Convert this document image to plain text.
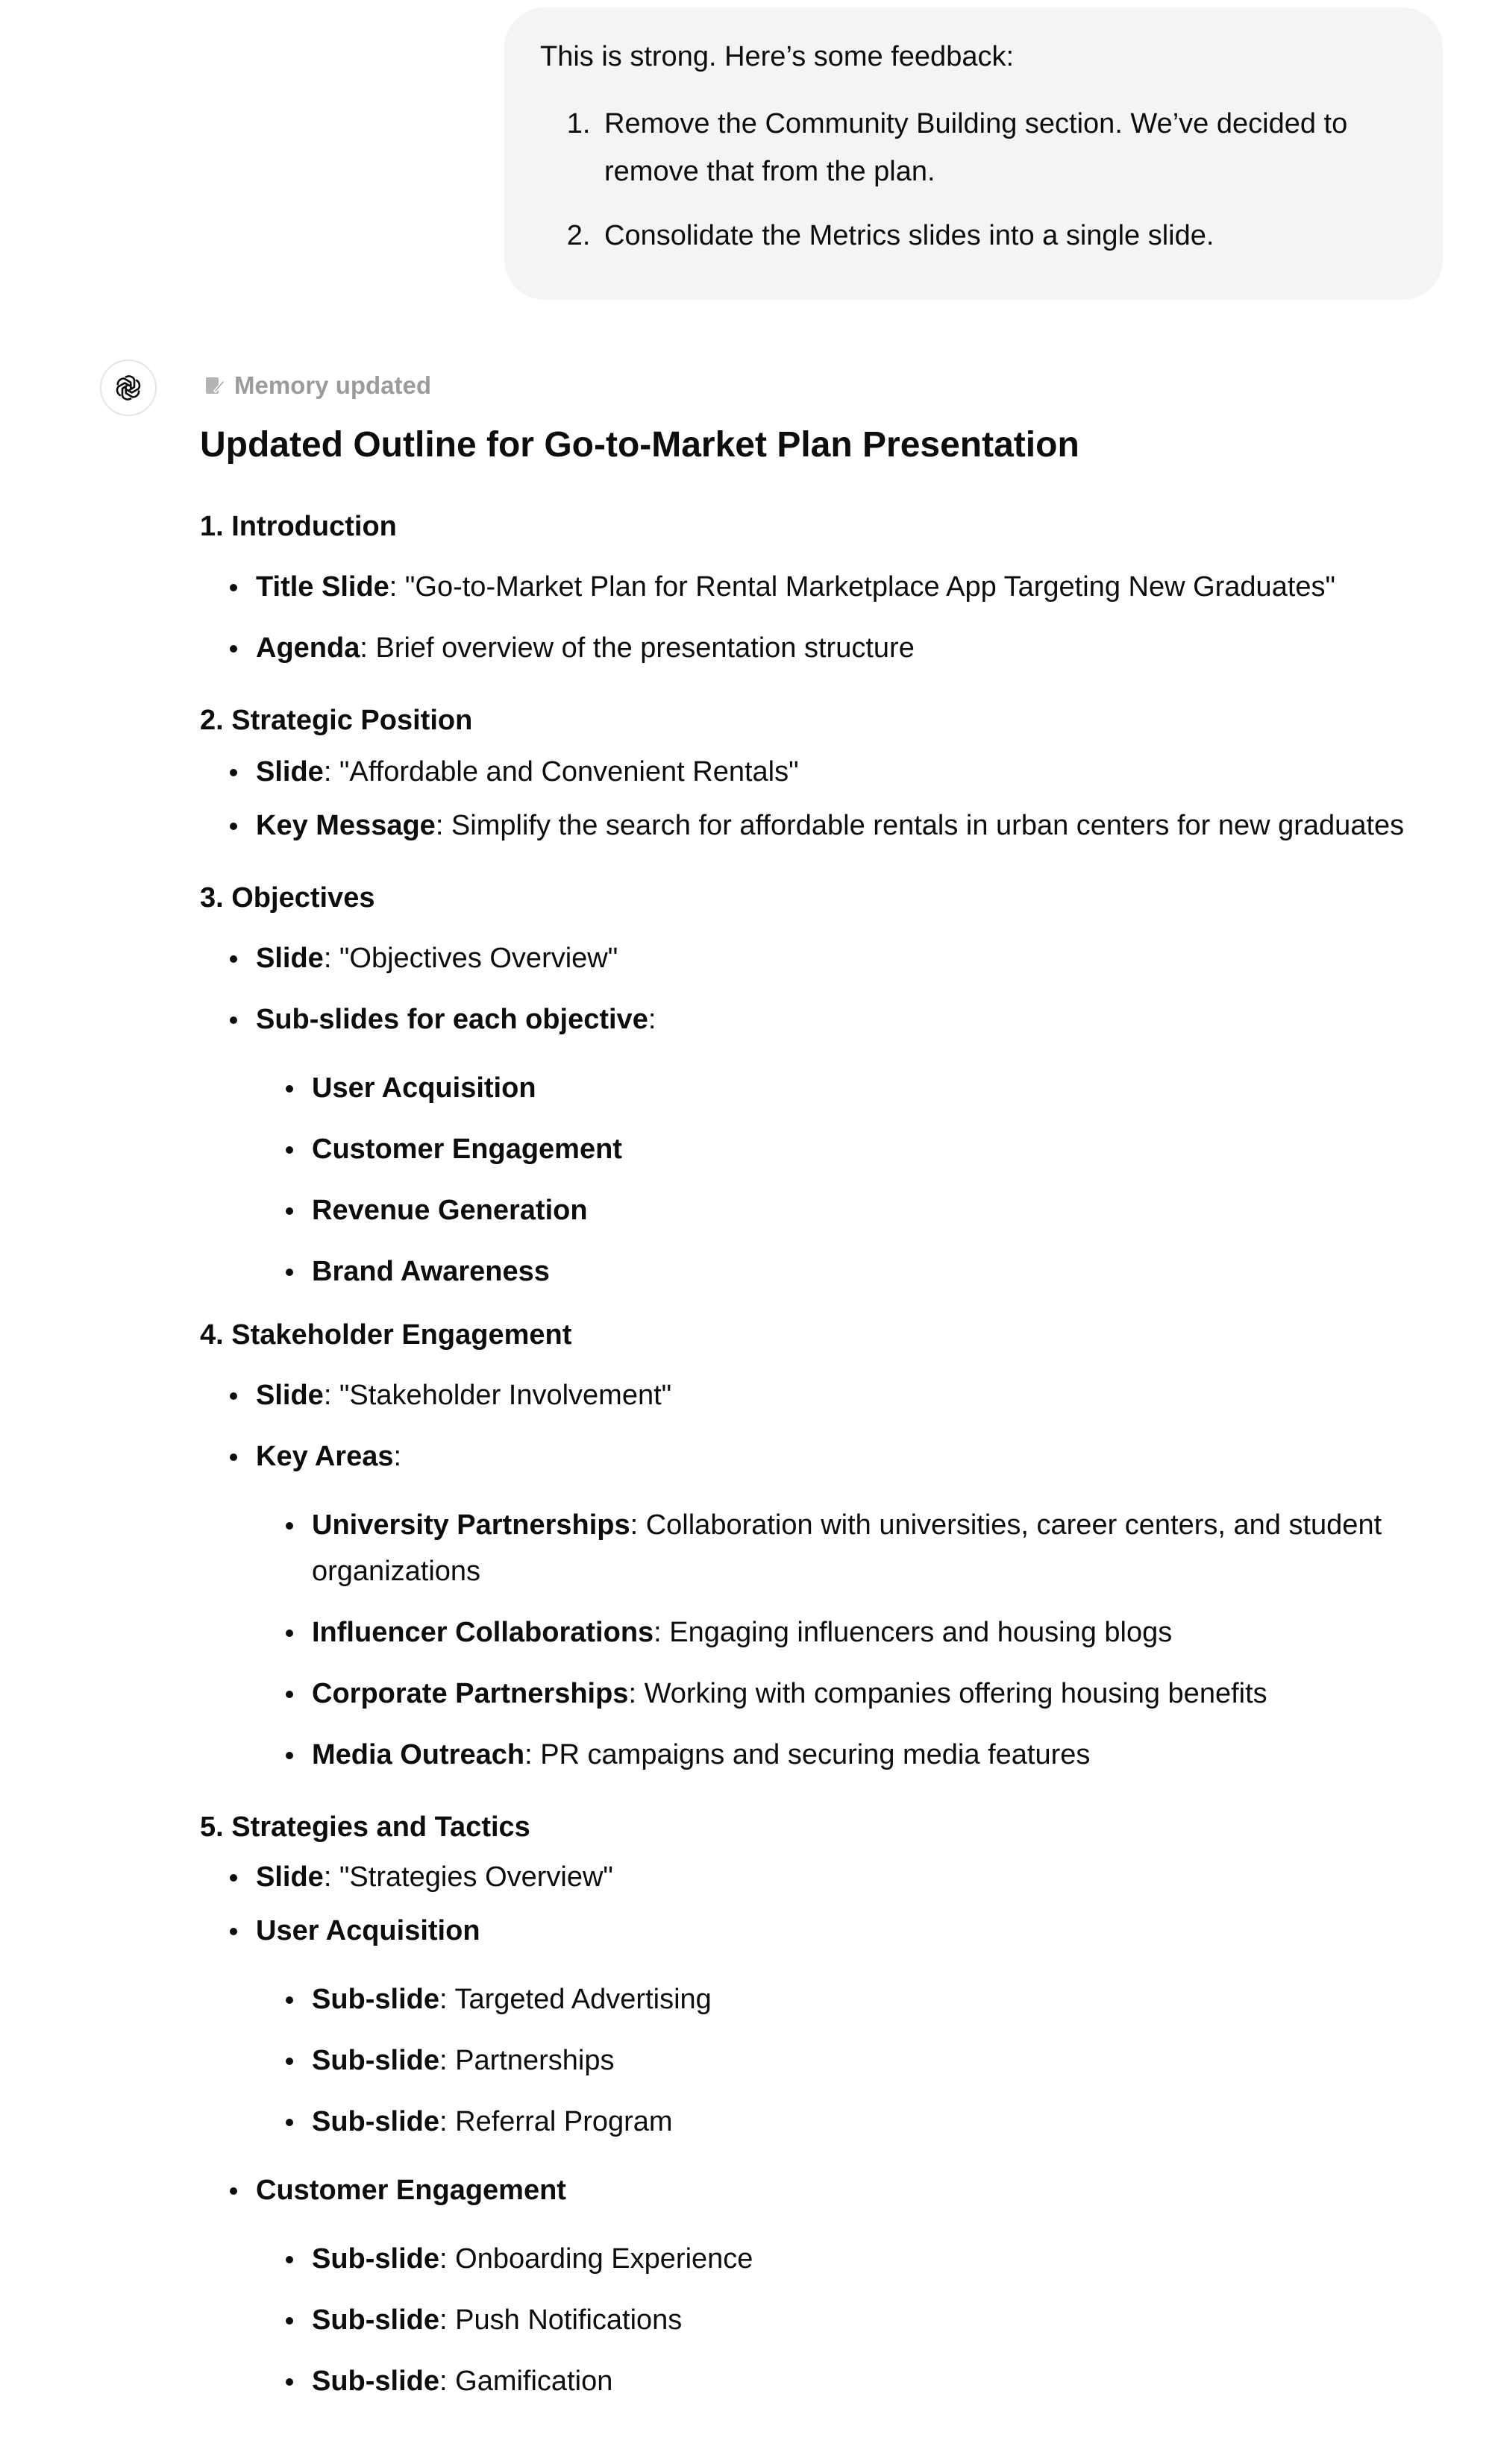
This is strong. Here’s some feedback:

1. Remove the Community Building section. We’ve decided to remove that from the plan.
2. Consolidate the Metrics slides into a single slide.
Memory updated
Updated Outline for Go-to-Market Plan Presentation
1. Introduction
Title Slide: "Go-to-Market Plan for Rental Marketplace App Targeting New Graduates"
Agenda: Brief overview of the presentation structure
2. Strategic Position
Slide: "Affordable and Convenient Rentals"
Key Message: Simplify the search for affordable rentals in urban centers for new graduates
3. Objectives
Slide: "Objectives Overview"
Sub-slides for each objective:
User Acquisition
Customer Engagement
Revenue Generation
Brand Awareness
4. Stakeholder Engagement
Slide: "Stakeholder Involvement"
Key Areas:
University Partnerships: Collaboration with universities, career centers, and student organizations
Influencer Collaborations: Engaging influencers and housing blogs
Corporate Partnerships: Working with companies offering housing benefits
Media Outreach: PR campaigns and securing media features
5. Strategies and Tactics
Slide: "Strategies Overview"
User Acquisition
Sub-slide: Targeted Advertising
Sub-slide: Partnerships
Sub-slide: Referral Program
Customer Engagement
Sub-slide: Onboarding Experience
Sub-slide: Push Notifications
Sub-slide: Gamification
